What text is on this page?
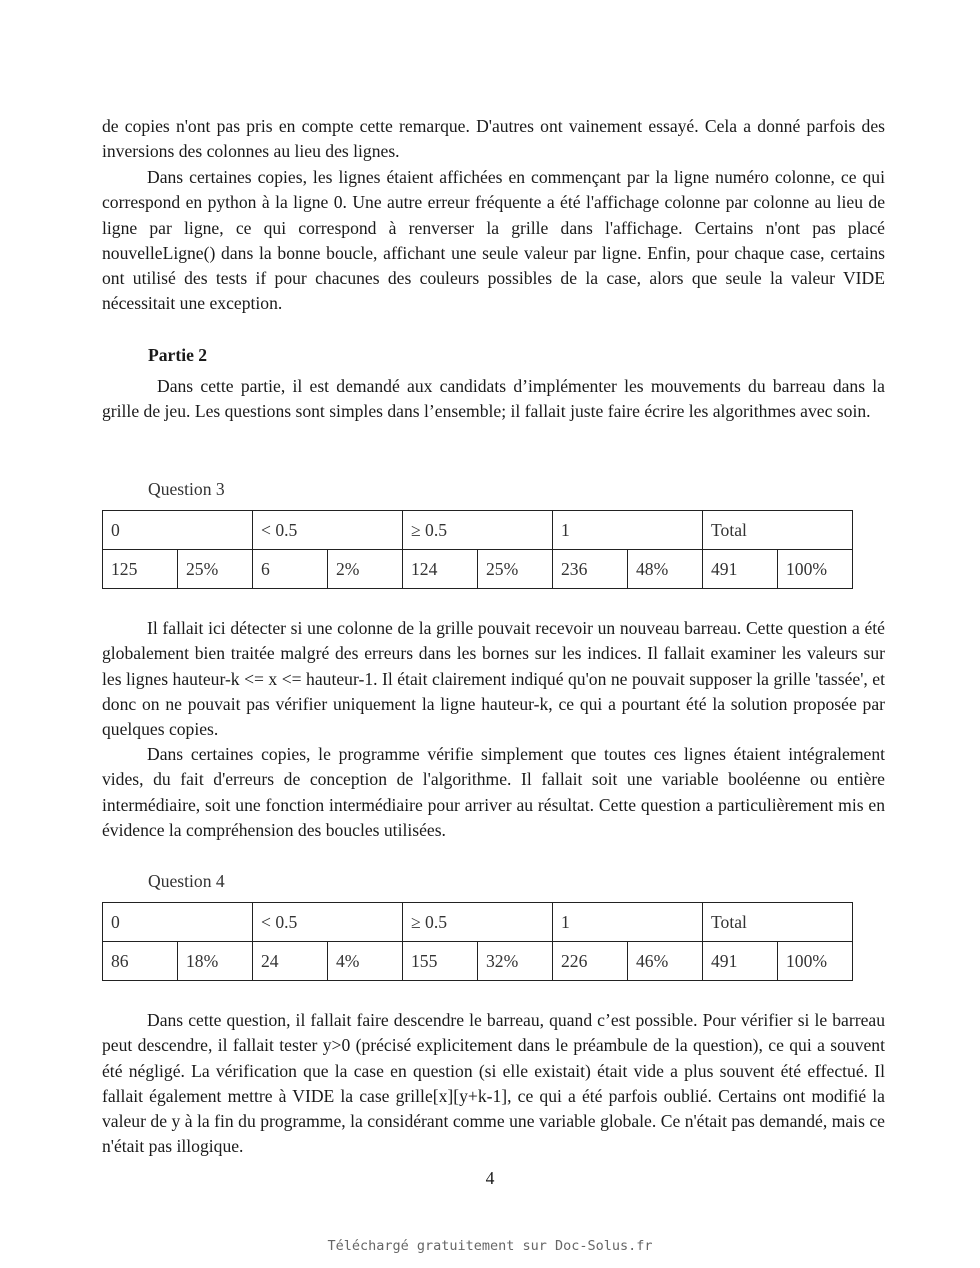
de copies n'ont pas pris en compte cette remarque. D'autres ont vainement essayé. Cela a donné parfois des inversions des colonnes au lieu des lignes.

Dans certaines copies, les lignes étaient affichées en commençant par la ligne numéro colonne, ce qui correspond en python à la ligne 0. Une autre erreur fréquente a été l'affichage colonne par colonne au lieu de ligne par ligne, ce qui correspond à renverser la grille dans l'affichage. Certains n'ont pas placé nouvelleLigne() dans la bonne boucle, affichant une seule valeur par ligne. Enfin, pour chaque case, certains ont utilisé des tests if pour chacunes des couleurs possibles de la case, alors que seule la valeur VIDE nécessitait une exception.

Partie 2

Dans cette partie, il est demandé aux candidats d’implémenter les mouvements du barreau dans la grille de jeu. Les questions sont simples dans l’ensemble; il fallait juste faire écrire les algorithmes avec soin.

Question 3

0		< 0.5		≥ 0.5		1		Total	
125	25%	6	2%	124	25%	236	48%	491	100%

Il fallait ici détecter si une colonne de la grille pouvait recevoir un nouveau barreau. Cette question a été globalement bien traitée malgré des erreurs dans les bornes sur les indices. Il fallait examiner les valeurs sur les lignes hauteur-k <= x <= hauteur-1. Il était clairement indiqué qu'on ne pouvait supposer la grille 'tassée', et donc on ne pouvait pas vérifier uniquement la ligne hauteur-k, ce qui a pourtant été la solution proposée par quelques copies.

Dans certaines copies, le programme vérifie simplement que toutes ces lignes étaient intégralement vides, du fait d'erreurs de conception de l'algorithme. Il fallait soit une variable booléenne ou entière intermédiaire, soit une fonction intermédiaire pour arriver au résultat. Cette question a particulièrement mis en évidence la compréhension des boucles utilisées.

Question 4

0		< 0.5		≥ 0.5		1		Total	
86	18%	24	4%	155	32%	226	46%	491	100%

Dans cette question, il fallait faire descendre le barreau, quand c’est possible. Pour vérifier si le barreau peut descendre, il fallait tester y>0 (précisé explicitement dans le préambule de la question), ce qui a souvent été négligé. La vérification que la case en question (si elle existait) était vide a plus souvent été effectué. Il fallait également mettre à VIDE la case grille[x][y+k-1], ce qui a été parfois oublié. Certains ont modifié la valeur de y à la fin du programme, la considérant comme une variable globale. Ce n'était pas demandé, mais ce n'était pas illogique.

4

Téléchargé gratuitement sur Doc-Solus.fr
